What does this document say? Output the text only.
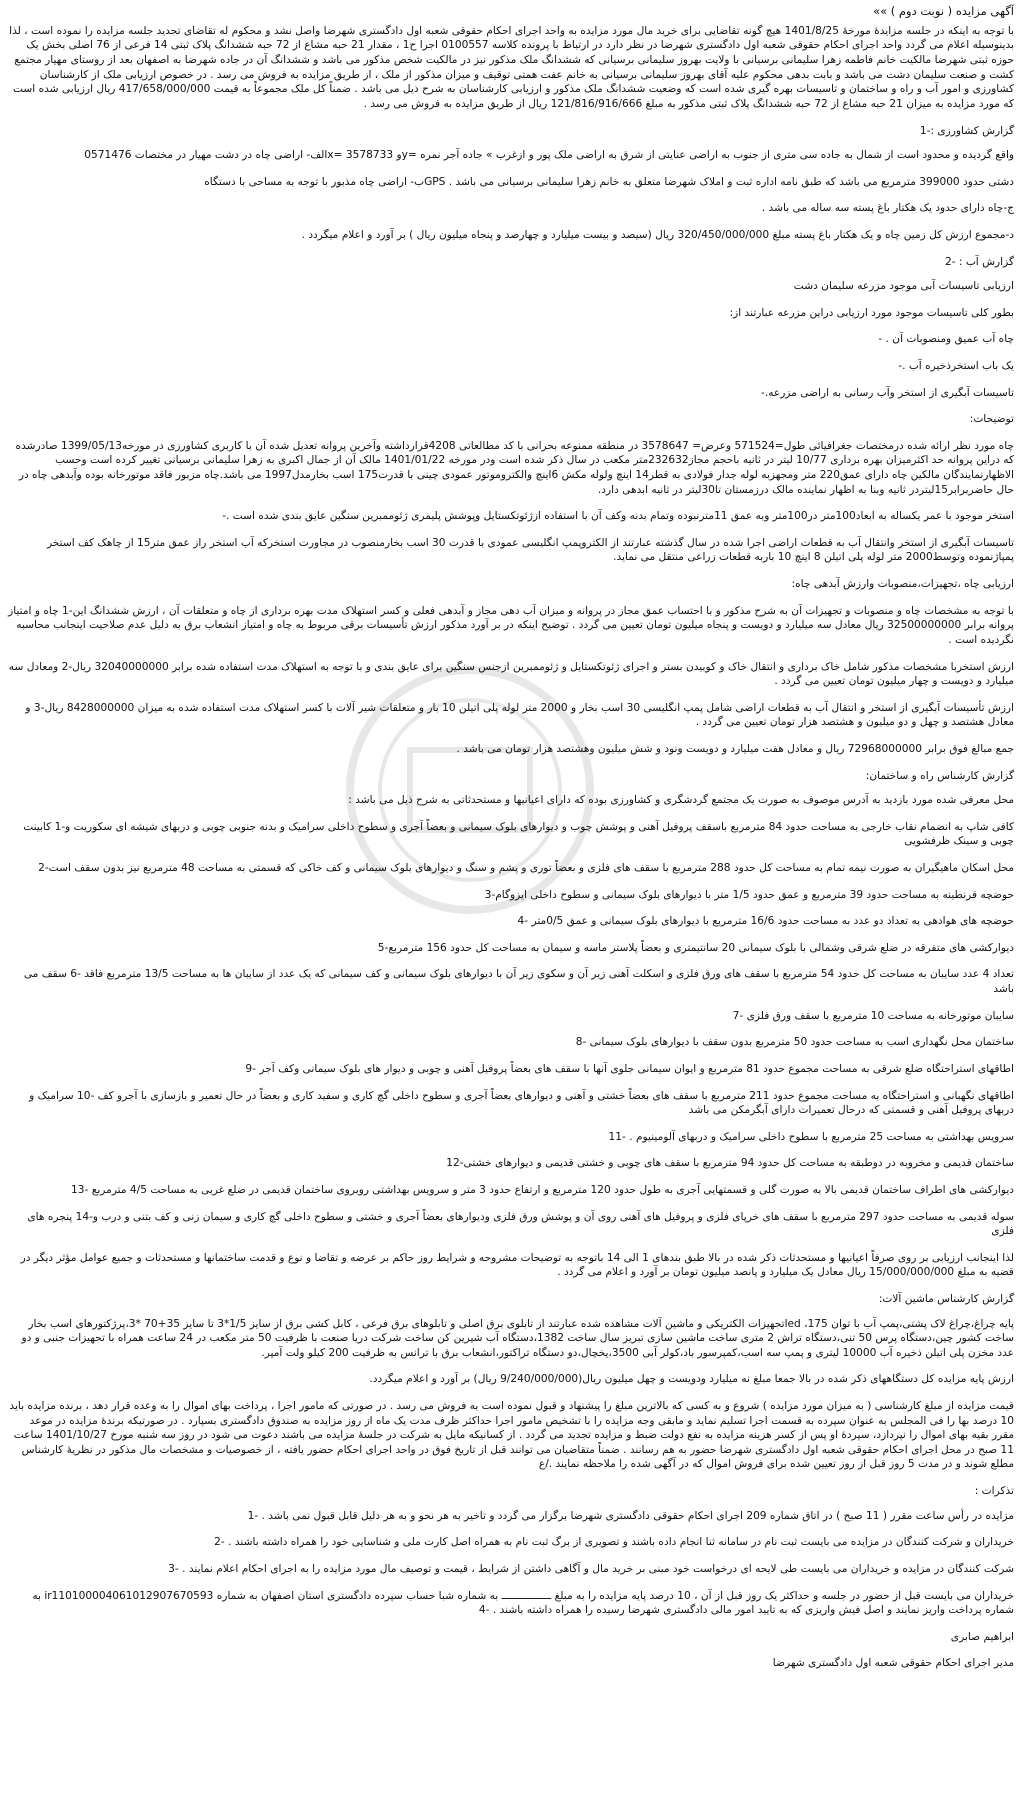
آگهی مزایده ( نوبت دوم ) »»

با توجه به اینکه در جلسه مزایدهٔ مورخهٔ 1401/8/25 هیچ گونه تقاضایی برای خرید مال مورد مزایده به واحد اجرای احکام حقوقی شعبه اول دادگستری شهرضا واصل نشد و محکوم له تقاضای تجدید جلسه مزایده را نموده است ، لذا بدینوسیله اعلام می گردد واحد اجرای احکام حقوقی شعبه اول دادگستری شهرضا در نظر دارد در ارتباط با پرونده کلاسه 0100557 اجرا ح1 ، مقدار 21 حبه مشاع از 72 حبه ششدانگ پلاک ثبتی 14 فرعی از 76 اصلی بخش یک حوزه ثبتی شهرضا مالکیت خانم فاطمه زهرا سلیمانی برسیانی با ولایت بهروز سلیمانی برسیانی که ششدانگ ملک مذکور نیز در مالکیت شخص مذکور می باشد و ششدانگ آن در جاده شهرضا به اصفهان بعد از روستای مهیار مجتمع کشت و صنعت سلیمان دشت می باشد و بابت بدهی محکوم علیه آقای بهروز سلیمانی برسیانی به خانم عفت همتی توقیف و میزان مذکور از ملک ، از طریق مزایده به فروش می رسد . در خصوص ارزیابی ملک از کارشناسان کشاورزی و امور آب و راه و ساختمان و تاسیسات بهره گیری شده است که وضعیت ششدانگ ملک مذکور و ارزیابی کارشناسان به شرح ذیل می باشد . ضمناً کل ملک مجموعاً به قیمت 417/658/000/000 ریال ارزیابی شده است که مورد مزایده به میزان 21 حبه مشاع از 72 حبه ششدانگ پلاک ثبتی مذکور به مبلغ 121/816/916/666 ریال از طریق مزایده به فروش می رسد .

گزارش کشاورزی :-1

واقع گردیده و محدود است از شمال به جاده سی متری از جنوب به اراضی عنایتی از شرق به اراضی ملک پور و ازغرب » جاده آجر نمره =yو 3578733 =xالف- اراضی چاه در دشت مهیار در مختصات 0571476

دشتی حدود 399000 مترمربع می باشد که طبق نامه اداره ثبت و املاک شهرضا متعلق به خانم زهرا سلیمانی برسیانی می باشد . GPSب- اراضی چاه مذبور با توجه به مساحی با دستگاه

ج-چاه دارای حدود یک هکتار باغ پسته سه ساله می باشد .

د-مجموع ارزش کل زمین چاه و یک هکتار باغ پسته مبلغ 320/450/000/000 ریال (سیصد و بیست میلیارد و چهارصد و پنجاه میلیون ریال ) بر آورد و اعلام میگردد .

گزارش آب : -2

ارزیابی تاسیسات آبی موجود مزرعه سلیمان دشت

بطور کلی تاسیسات موجود مورد ارزیابی دراین مزرعه عبارتند از:

چاه آب عمیق ومنصوبات آن . -

یک باب استخرذخیره آب .-

تاسیسات آبگیری از استخر وآب رسانی به اراضی مزرعه.-

توضیحات:

چاه مورد نظر ارائه شده درمختصات جغرافیائی طول=571524 وعرض= 3578647 در منطقه ممنوعه بحرانی با کد مطالعاتی 4208قرارداشته وآخرین پروانه تعدیل شده آن با کاربری کشاورزی در مورخه1399/05/13 صادرشده که دراین پروانه حد اکثرمیزان بهره برداری 10/77 لیتر در ثانیه باحجم مجاز232632متر مکعب در سال ذکر شده است ودر مورخه 1401/01/22 مالک آن از جمال اکبری به زهرا سلیمانی برسیانی تغییر کرده است وحسب الاظهارنمایندگان مالکین چاه دارای عمق220 متر ومجهزبه لوله جدار فولادی به قطر14 اینچ ولوله مکش 6اینچ والکتروموتور عمودی چینی با قدرت175 اسب بخارمدل1997 می باشد.چاه مزبور فاقد موتورخانه بوده وآبدهی چاه در حال حاضربرابر15لیتردر ثانیه وبنا به اظهار نماینده مالک درزمستان تا30لیتر در ثانیه ابدهی دارد.

استخر موجود با عمر یکساله به ابعاد100متر در100متر وبه عمق 11مترنبوده وتمام بدنه وکف آن با استفاده ازژئوتکستایل وپوشش پلیمری ژئوممبرین سنگین عایق بندی شده است .-

تاسیسات آبگیری از استخر وانتقال آب به قطعات اراضی اجرا شده در سال گذشته عبارتند از الکتروپمپ انگلیسی عمودی با قدرت 30 اسب بخارمنصوب در مجاورت استخرکه آب استخر راز عمق متر15 از چاهک کف استخر پمپاژنموده وتوسط2000 متر لوله پلی اتیلن 8 اینچ 10 باربه قطعات زراعی منتقل می نماید.

ارزیابی چاه ،تجهیزات،منصوبات وارزش آبدهی چاه:

با توجه به مشخصات چاه و منصوبات و تجهیزات آن به شرح مذکور و با احتساب عمق مجاز در پروانه و میزان آب دهی مجاز و آبدهی فعلی و کسر استهلاک مدت بهره برداری از چاه و متعلقات آن ، ارزش ششدانگ این-1 چاه و امتیاز پروانه برابر 32500000000 ریال معادل سه میلیارد و دویست و پنجاه میلیون تومان تعیین می گردد . توضیح اینکه در بر آورد مذکور ارزش تأسیسات برقی مربوط به چاه و امتیاز انشعاب برق به دلیل عدم صلاحیت اینجانب محاسبه نگردیده است .

ارزش استخربا مشخصات مذکور شامل خاک برداری و انتقال خاک و کوبیدن بستر و اجرای ژئوتکستایل و ژئوممبرین ازجنس سنگین برای عایق بندی و با توجه به استهلاک مدت استفاده شده برابر 32040000000 ریال-2 ومعادل سه میلیارد و دویست و چهار میلیون تومان تعیین می گردد .

ارزش تأسیسات آبگیری از استخر و انتقال آب به قطعات اراضی شامل پمپ انگلیسی 30 اسب بخار و 2000 متر لوله پلی اتیلن 10 بار و متعلقات شیر آلات با کسر استهلاک مدت استفاده شده به میزان 8428000000 ریال-3 و معادل هشتصد و چهل و دو میلیون و هشتصد هزار تومان تعیین می گردد .

جمع مبالغ فوق برابر 72968000000 ریال و معادل هفت میلیارد و دویست ونود و شش میلیون وهشتصد هزار تومان می باشد .

گزارش کارشناس راه و ساختمان:

محل معرفی شده مورد بازدید به آدرس موصوف به صورت یک مجتمع گردشگری و کشاورزی بوده که دارای اعیانیها و مستحدثاتی به شرح ذیل می باشد :

کافی شاپ به انضمام نقاب خارجی به مساحت حدود 84 مترمربع باسقف پروفیل آهنی و پوشش چوب و دیوارهای بلوک سیمانی و بعضاً آجری و سطوح داخلی سرامیک و بدنه جنوبی چوبی و دربهای شیشه ای سکوریت و-1 کابینت چوبی و سینک ظرفشویی

محل اسکان ماهیگیران به صورت نیمه تمام به مساحت کل حدود 288 مترمربع با سقف های فلزی و بعضاً توری و پشم و سنگ و دیوارهای بلوک سیمانی و کف خاکی که قسمتی به مساحت 48 مترمربع نیز بدون سقف است-2

حوضچه قرنطینه به مساحت حدود 39 مترمربع و عمق حدود 1/5 متر با دیوارهای بلوک سیمانی و سطوح داخلی ایزوگام-3

حوضچه های هوادهی به تعداد دو عدد به مساحت حدود 16/6 مترمربع با دیوارهای بلوک سیمانی و عمق 0/5متر -4

دیوارکشی های متفرقه در ضلع شرقی وشمالی با بلوک سیمانی 20 سانتیمتری و بعضاً پلاستر ماسه و سیمان به مساحت کل حدود 156 مترمربع-5

تعداد 4 عدد سایبان به مساحت کل حدود 54 مترمربع با سقف های ورق فلزی و اسکلت آهنی زیر آن و سکوی زیر آن با دیوارهای بلوک سیمانی و کف سیمانی که یک عدد از سایبان ها به مساحت 13/5 مترمربع فاقد -6 سقف می باشد

سایبان موتورخانه به مساحت 10 مترمربع با سقف ورق فلزی -7

ساختمان محل نگهداری اسب به مساحت حدود 50 مترمربع بدون سقف با دیوارهای بلوک سیمانی -8

اطاقهای استراحتگاه ضلع شرقی به مساحت مجموع حدود 81 مترمربع و ایوان سیمانی جلوی آنها با سقف های بعضاً پروفیل آهنی و چوبی و دیوار های بلوک سیمانی وکف آجر -9

اطاقهای نگهبانی و استراحتگاه به مساحت مجموع حدود 211 مترمربع با سقف های بعضاً خشتی و آهنی و دیوارهای بعضاً آجری و سطوح داخلی گچ کاری و سفید کاری و بعضاً در حال تعمیر و بازسازی با آجرو کف -10 سرامیک و دربهای پروفیل آهنی و قسمتی که درحال تعمیرات دارای آبگرمکن می باشد

سرویس بهداشتی به مساحت 25 مترمربع با سطوح داخلی سرامیک و دربهای آلومینیوم . -11

ساختمان قدیمی و مخروبه در دوطبقه به مساحت کل حدود 94 مترمربع با سقف های چوبی و خشتی قدیمی و دیوارهای خشتی-12

دیوارکشی های اطراف ساختمان قدیمی بالا به صورت گلی و قسمتهایی آجری به طول حدود 120 مترمربع و ارتفاع حدود 3 متر و سرویس بهداشتی روبروی ساختمان قدیمی در ضلع غربی به مساحت 4/5 مترمربع -13

سوله قدیمی به مساحت حدود 297 مترمربع با سقف های خرپای فلزی و پروفیل های آهنی روی آن و پوشش ورق فلزی ودیوارهای بعضاً آجری و خشتی و سطوح داخلی گچ کاری و سیمان زنی و کف بتنی و درب و-14 پنجره های فلزی

لذا اینجانب ارزیابی بر روی صرفاً اعیانیها و مستحدثات ذکر شده در بالا طبق بندهای 1 الی 14 باتوجه به توضیحات مشروحه و شرایط روز حاکم بر عرضه و تقاضا و نوع و قدمت ساختمانها و مستحدثات و جمیع عوامل مؤثر دیگر در قضیه به مبلغ 15/000/000/000 ریال معادل یک میلیارد و پانصد میلیون تومان بر آورد و اعلام می گردد .

گزارش کارشناس ماشین آلات:

پایه چراغ،چراغ لاک پشتی،پمپ آب با توان 175، ledتجهیزات الکتریکی و ماشین آلات مشاهده شده عبارتند از تابلوی برق اصلی و تابلوهای برق فرعی ، کابل کشی برق از سایز 1/5*3 تا سایز 35+70 *3،پرژکتورهای اسب بخار ساخت کشور چین،دستگاه پرس 50 تنی،دستگاه تراش 2 متری ساخت ماشین سازی تبریز سال ساخت 1382،دستگاه آب شیرین کن ساخت شرکت دریا صنعت با ظرفیت 50 متر مکعب در 24 ساعت همراه با تجهیزات جنبی و دو عدد مخزن پلی اتیلن ذخیره آب 10000 لیتری و پمپ سه اسب،کمپرسور باد،کولر آبی 3500،یخچال،دو دستگاه تراکتور،انشعاب برق با ترانس به ظرفیت 200 کیلو ولت آمپر.

ارزش پایه مزایده کل دستگاههای ذکر شده در بالا جمعا مبلغ نه میلیارد ودویست و چهل میلیون ریال(9/240/000/000 ریال) بر آورد و اعلام میگردد.

قیمت مزایده از مبلغ کارشناسی ( به میزان مورد مزایده ) شروع و به کسی که بالاترین مبلغ را پیشنهاد و قبول نموده است به فروش می رسد . در صورتی که مامور اجرا ، پرداخت بهای اموال را به وعده قرار دهد ، برنده مزایده باید 10 درصد بها را فی المجلس به عنوان سپرده به قسمت اجرا تسلیم نماید و مابقی وجه مزایده را با تشخیص مامور اجرا حداکثر ظرف مدت یک ماه از روز مزایده به صندوق دادگستری بسپارد . در صورتیکه برندهٔ مزایده در موعد مقرر بقیه بهای اموال را نپردازد، سپردهٔ او پس از کسر هزینه مزایده به نفع دولت ضبط و مزایده تجدید می گردد . از کسانیکه مایل به شرکت در جلسهٔ مزایده می باشند دعوت می شود در روز سه شنبه مورخ 1401/10/27 ساعت 11 صبح در محل اجرای احکام حقوقی شعبه اول دادگستری شهرضا حضور به هم رسانند . ضمناً متقاضیان می توانند قبل از تاریخ فوق در واحد اجرای احکام حضور یافته ، از خصوصیات و مشخصات مال مذکور در نظریهٔ کارشناس مطلع شوند و در مدت 5 روز قبل از روز تعیین شده برای فروش اموال که در آگهی شده را ملاحظه نمایند ./ع

تذکرات :

مزایده در رأس ساعت مقرر ( 11 صبح ) در اتاق شماره 209 اجرای احکام حقوقی دادگستری شهرضا برگزار می گردد و تاخیر به هر نحو و به هر دلیل قابل قبول نمی باشد . -1

خریداران و شرکت کنندگان در مزایده می بایست ثبت نام در سامانه ثنا انجام داده باشند و تصویری از برگ ثبت نام به همراه اصل کارت ملی و شناسایی خود را همراه داشته باشند . -2

شرکت کنندگان در مزایده و خریداران می بایست طی لایحه ای درخواست خود مبنی بر خرید مال و آگاهی داشتن از شرایط ، قیمت و توصیف مال مورد مزایده را به اجرای احکام اعلام نمایند . -3

خریداران می بایست قبل از حضور در جلسه و حداکثر یک روز قبل از آن ، 10 درصد پایه مزایده را به مبلغ ــــــــــــــــ به شماره شبا حساب سپرده دادگستری استان اصفهان به شماره ir110100004061012907670593 به شماره پرداخت واریز نمایند و اصل فیش واریزی که به تایید امور مالی دادگستری شهرضا رسیده را همراه داشته باشند . -4

ابراهیم صابری

مدیر اجرای احکام حقوقی شعبه اول دادگستری شهرضا
